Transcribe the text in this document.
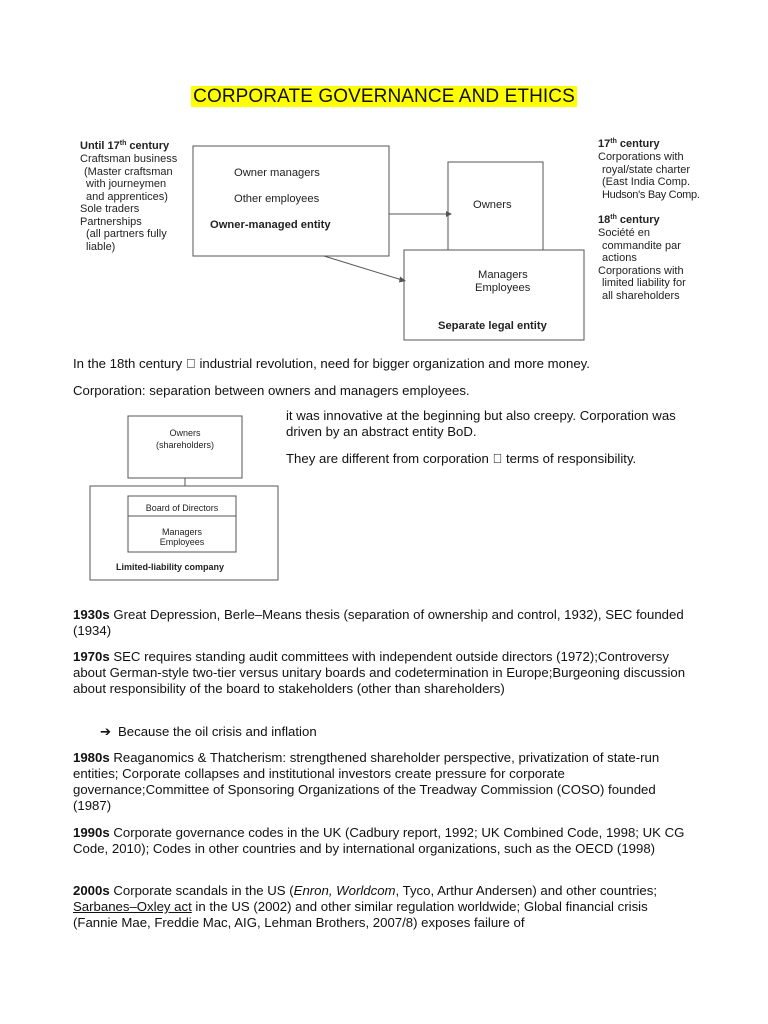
CORPORATE GOVERNANCE AND ETHICS
Until 17th century
Craftsman business
(Master craftsman
with journeymen
and apprentices)
Sole traders
Partnerships
(all partners fully
liable)
Owner managers
Other employees
Owner-managed entity
Owners
Managers
Employees
Separate legal entity
17th century
Corporations with
royal/state charter
(East India Comp.
Hudson's Bay Comp.
18th century
Société en
commandite par
actions
Corporations with
limited liability for
all shareholders
In the 18th century industrial revolution, need for bigger organization and more money.
Corporation: separation between owners and managers employees.
Owners
(shareholders)
Board of Directors
Managers
Employees
Limited-liability company
it was innovative at the beginning but also creepy. Corporation was driven by an abstract entity BoD.
They are different from corporation terms of responsibility.
1930s Great Depression, Berle–Means thesis (separation of ownership and control, 1932), SEC founded (1934)
1970s SEC requires standing audit committees with independent outside directors (1972);Controversy about German-style two-tier versus unitary boards and codetermination in Europe;Burgeoning discussion about responsibility of the board to stakeholders (other than shareholders)
➔ Because the oil crisis and inflation
1980s Reaganomics & Thatcherism: strengthened shareholder perspective, privatization of state-run entities; Corporate collapses and institutional investors create pressure for corporate governance;Committee of Sponsoring Organizations of the Treadway Commission (COSO) founded (1987)
1990s Corporate governance codes in the UK (Cadbury report, 1992; UK Combined Code, 1998; UK CG Code, 2010); Codes in other countries and by international organizations, such as the OECD (1998)
2000s Corporate scandals in the US (Enron, Worldcom, Tyco, Arthur Andersen) and other countries; Sarbanes–Oxley act in the US (2002) and other similar regulation worldwide; Global financial crisis (Fannie Mae, Freddie Mac, AIG, Lehman Brothers, 2007/8) exposes failure of
